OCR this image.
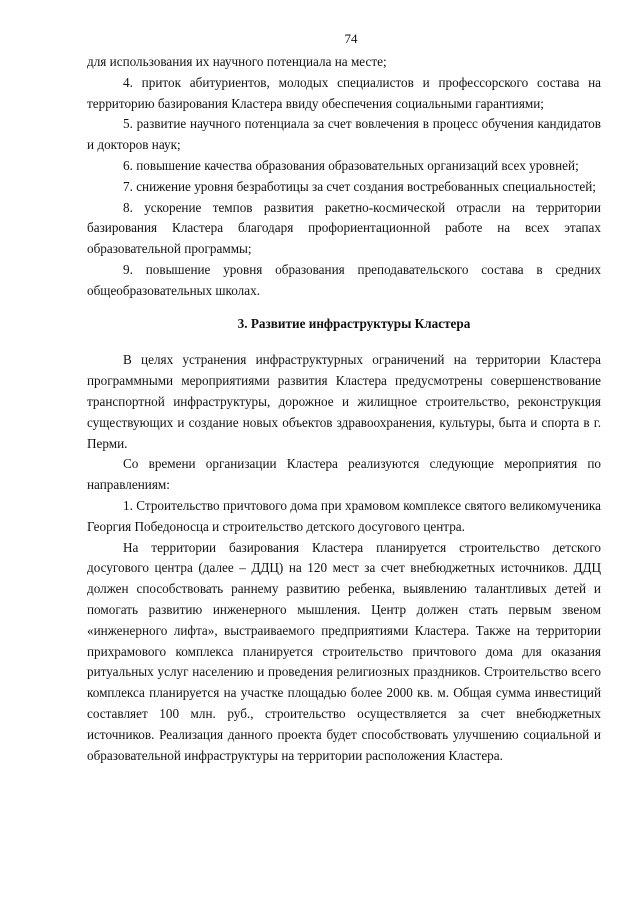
74

для использования их научного потенциала на месте;

4. приток абитуриентов, молодых специалистов и профессорского состава на территорию базирования Кластера ввиду обеспечения социальными гарантиями;

5. развитие научного потенциала за счет вовлечения в процесс обучения кандидатов и докторов наук;

6. повышение качества образования образовательных организаций всех уровней;

7. снижение уровня безработицы за счет создания востребованных специальностей;

8. ускорение темпов развития ракетно-космической отрасли на территории базирования Кластера благодаря профориентационной работе на всех этапах образовательной программы;

9. повышение уровня образования преподавательского состава в средних общеобразовательных школах.

3. Развитие инфраструктуры Кластера

В целях устранения инфраструктурных ограничений на территории Кластера программными мероприятиями развития Кластера предусмотрены совершенствование транспортной инфраструктуры, дорожное и жилищное строительство, реконструкция существующих и создание новых объектов здравоохранения, культуры, быта и спорта в г. Перми.

Со времени организации Кластера реализуются следующие мероприятия по направлениям:

1. Строительство причтового дома при храмовом комплексе святого великомученика Георгия Победоносца и строительство детского досугового центра.

На территории базирования Кластера планируется строительство детского досугового центра (далее – ДДЦ) на 120 мест за счет внебюджетных источников. ДДЦ должен способствовать раннему развитию ребенка, выявлению талантливых детей и помогать развитию инженерного мышления. Центр должен стать первым звеном «инженерного лифта», выстраиваемого предприятиями Кластера. Также на территории прихрамового комплекса планируется строительство причтового дома для оказания ритуальных услуг населению и проведения религиозных праздников. Строительство всего комплекса планируется на участке площадью более 2000 кв. м. Общая сумма инвестиций составляет 100 млн. руб., строительство осуществляется за счет внебюджетных источников. Реализация данного проекта будет способствовать улучшению социальной и образовательной инфраструктуры на территории расположения Кластера.
